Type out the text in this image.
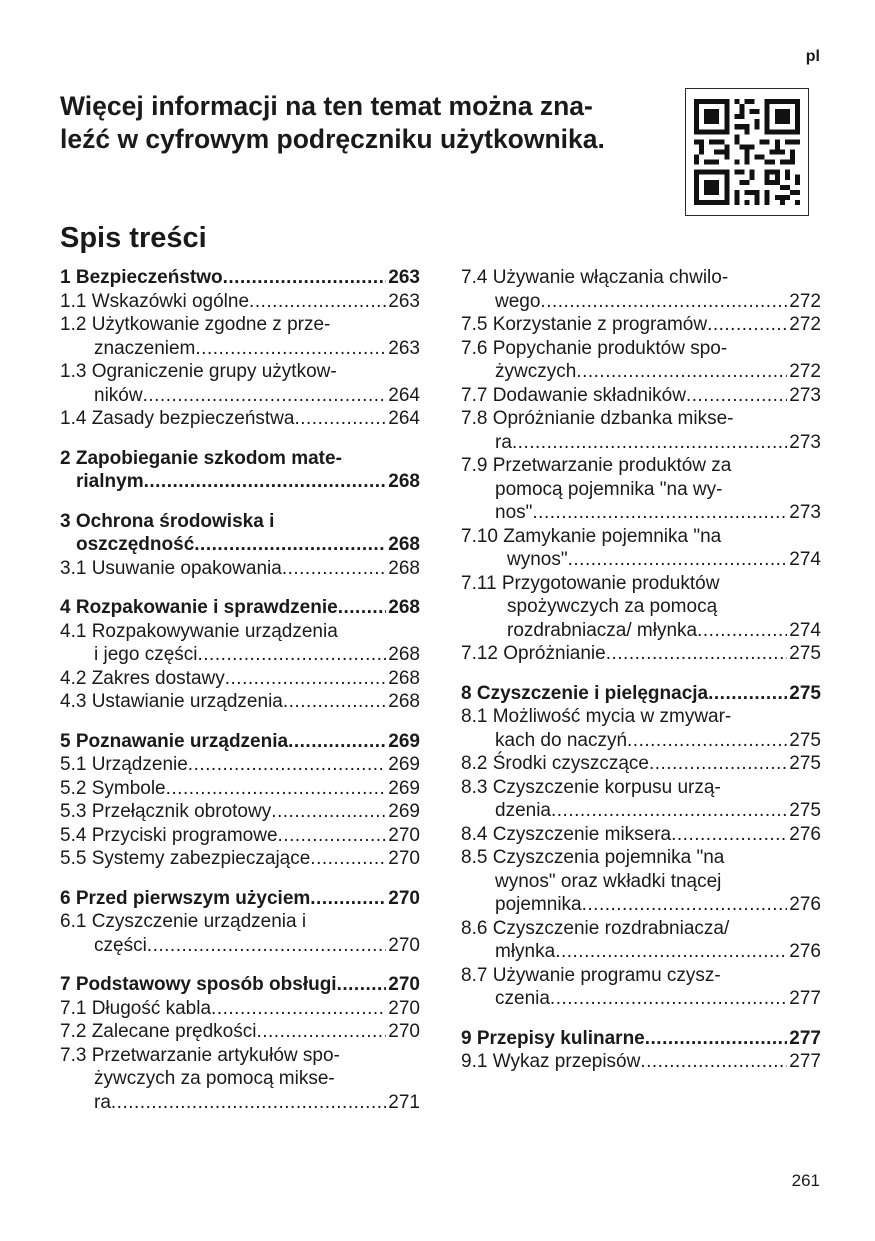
pl
Więcej informacji na ten temat można zna-
leźć w cyfrowym podręczniku użytkownika.
Spis treści
1 Bezpieczeństwo .....	263
1.1 Wskazówki ogólne .....	263
1.2 Użytkowanie zgodne z prze-
znaczeniem .....	263
1.3 Ograniczenie grupy użytkow-
ników .....	264
1.4 Zasady bezpieczeństwa .....	264
2 Zapobieganie szkodom mate-
rialnym .....	268
3 Ochrona środowiska i
oszczędność .....	268
3.1 Usuwanie opakowania .....	268
4 Rozpakowanie i sprawdzenie .....	268
4.1 Rozpakowywanie urządzenia
i jego części .....	268
4.2 Zakres dostawy .....	268
4.3 Ustawianie urządzenia .....	268
5 Poznawanie urządzenia .....	269
5.1 Urządzenie .....	269
5.2 Symbole .....	269
5.3 Przełącznik obrotowy .....	269
5.4 Przyciski programowe .....	270
5.5 Systemy zabezpieczające .....	270
6 Przed pierwszym użyciem .....	270
6.1 Czyszczenie urządzenia i
części .....	270
7 Podstawowy sposób obsługi .....	270
7.1 Długość kabla .....	270
7.2 Zalecane prędkości .....	270
7.3 Przetwarzanie artykułów spo-
żywczych za pomocą mikse-
ra .....	271
7.4 Używanie włączania chwilo-
wego .....	272
7.5 Korzystanie z programów .....	272
7.6 Popychanie produktów spo-
żywczych .....	272
7.7 Dodawanie składników .....	273
7.8 Opróżnianie dzbanka mikse-
ra .....	273
7.9 Przetwarzanie produktów za
pomocą pojemnika "na wy-
nos" .....	273
7.10 Zamykanie pojemnika "na
wynos" .....	274
7.11 Przygotowanie produktów
spożywczych za pomocą
rozdrabniacza/ młynka .....	274
7.12 Opróżnianie .....	275
8 Czyszczenie i pielęgnacja .....	275
8.1 Możliwość mycia w zmywar-
kach do naczyń .....	275
8.2 Środki czyszczące .....	275
8.3 Czyszczenie korpusu urzą-
dzenia .....	275
8.4 Czyszczenie miksera .....	276
8.5 Czyszczenia pojemnika "na
wynos" oraz wkładki tnącej
pojemnika .....	276
8.6 Czyszczenie rozdrabniacza/
młynka .....	276
8.7 Używanie programu czysz-
czenia .....	277
9 Przepisy kulinarne .....	277
9.1 Wykaz przepisów .....	277
261
